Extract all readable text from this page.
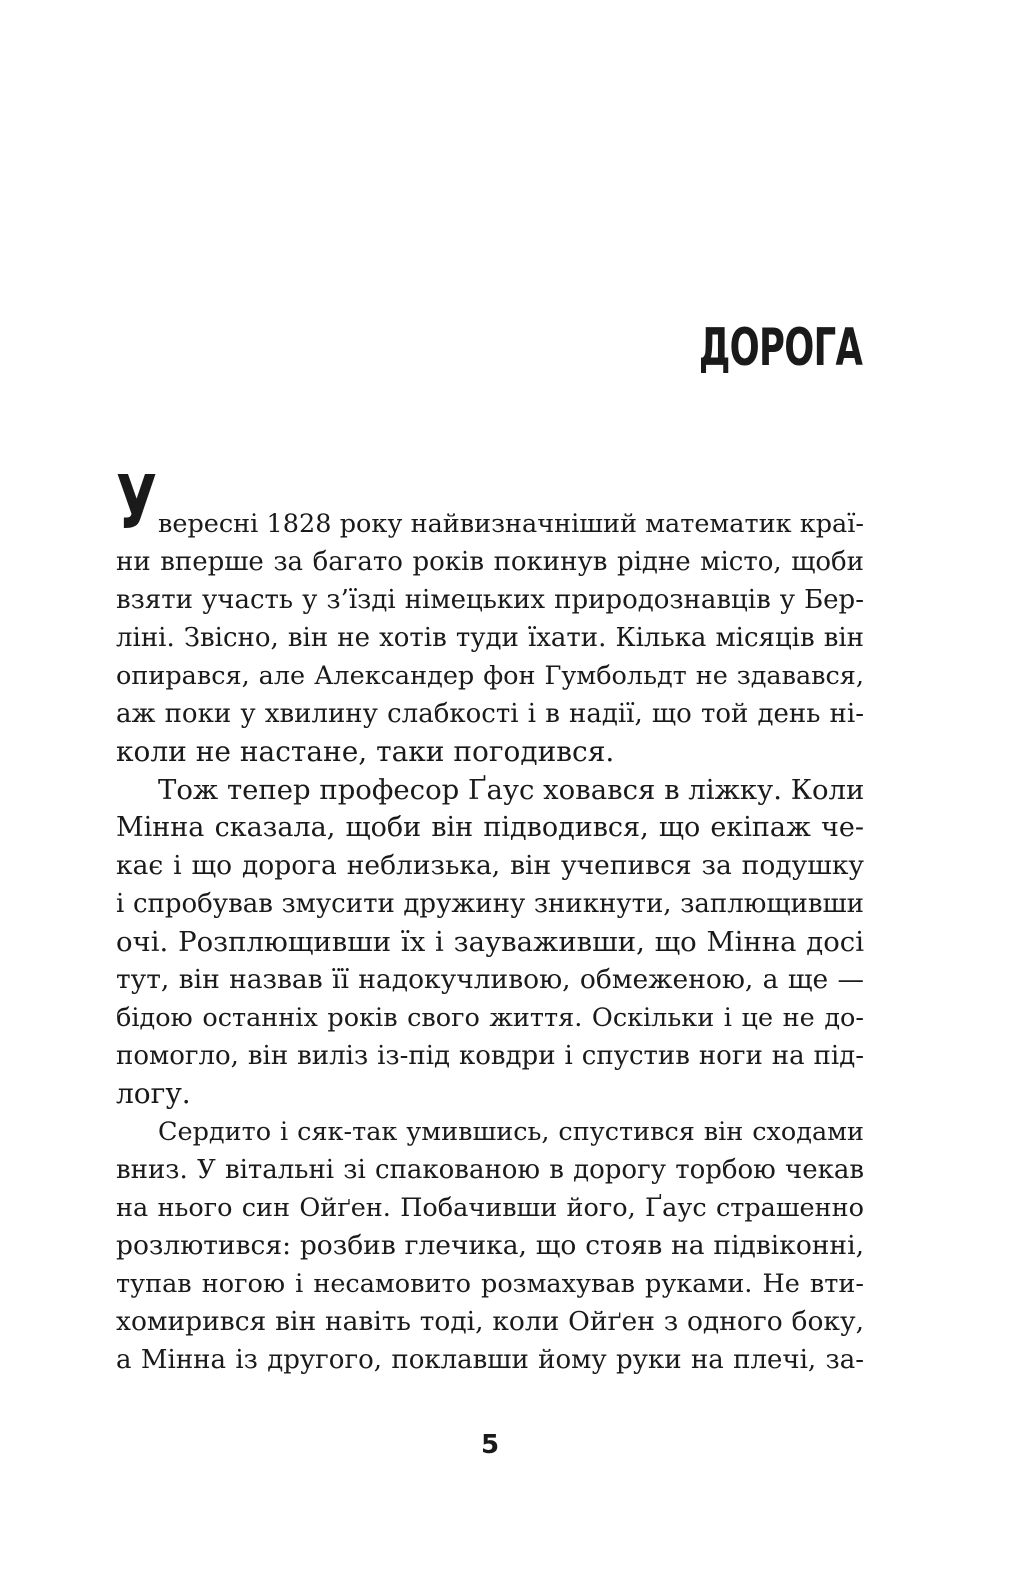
ДОРОГА
У вересні 1828 року найвизначніший математик краї-
ни вперше за багато років покинув рідне місто, щоби
взяти участь у з’їзді німецьких природознавців у Бер-
ліні. Звісно, він не хотів туди їхати. Кілька місяців він
опирався, але Александер фон Гумбольдт не здавався,
аж поки у хвилину слабкості і в надії, що той день ні-
коли не настане, таки погодився.
Тож тепер професор Ґаус ховався в ліжку. Коли
Мінна сказала, щоби він підводився, що екіпаж че-
кає і що дорога неблизька, він учепився за подушку
і спробував змусити дружину зникнути, заплющивши
очі. Розплющивши їх і зауваживши, що Мінна досі
тут, він назвав її надокучливою, обмеженою, а ще —
бідою останніх років свого життя. Оскільки і це не до-
помогло, він виліз із-під ковдри і спустив ноги на під-
логу.
Сердито і сяк-так умившись, спустився він сходами
вниз. У вітальні зі спакованою в дорогу торбою чекав
на нього син Ойґен. Побачивши його, Ґаус страшенно
розлютився: розбив глечика, що стояв на підвіконні,
тупав ногою і несамовито розмахував руками. Не вти-
хомирився він навіть тоді, коли Ойґен з одного боку,
а Мінна із другого, поклавши йому руки на плечі, за-
5
